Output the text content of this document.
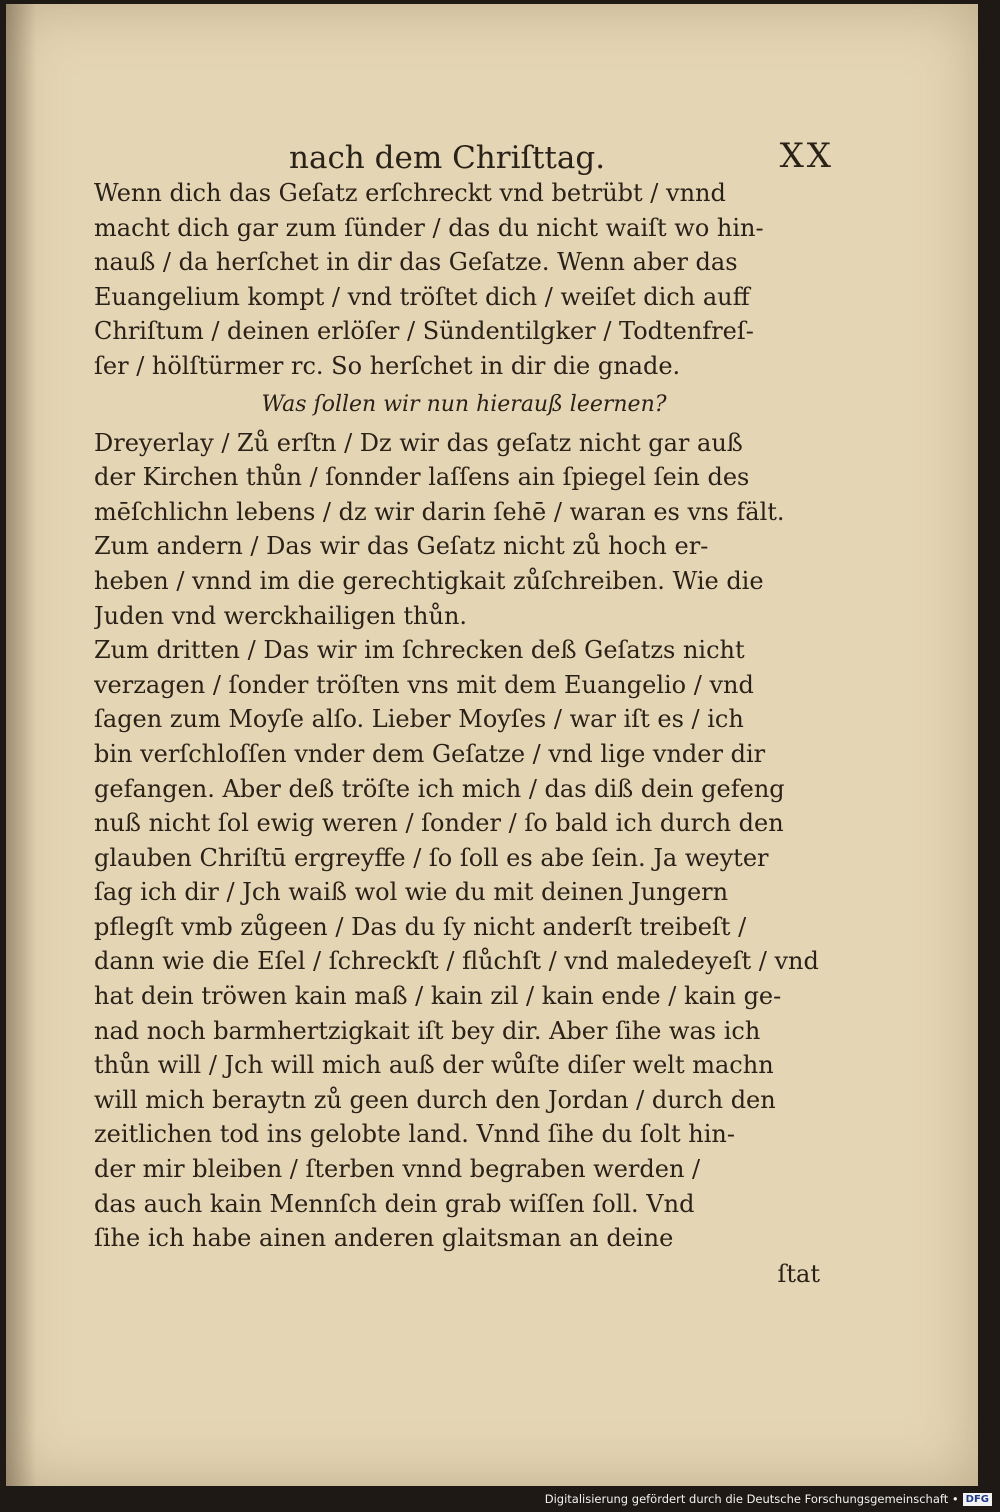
nach dem Chriſttag.	XX
Wenn dich das Geſatz erſchreckt vnd betrübt / vnnd
macht dich gar zum ſünder / das du nicht waiſt wo hin-
nauß / da herſchet in dir das Geſatze. Wenn aber das
Euangelium kompt / vnd tröſtet dich / weiſet dich auff
Chriſtum / deinen erlöſer / Sündentilgker / Todtenfreſ-
ſer / hölſtürmer rc. So herſchet in dir die gnade.
Was ſollen wir nun hierauß leernen?
Dreyerlay / Zů erſtn / Dz wir das geſatz nicht gar auß
der Kirchen thůn / ſonnder laſſens ain ſpiegel ſein des
mēſchlichn lebens / dz wir darin ſehē / waran es vns fält.
Zum andern / Das wir das Geſatz nicht zů hoch er-
heben / vnnd im die gerechtigkait zůſchreiben. Wie die
Juden vnd werckhailigen thůn.
Zum dritten / Das wir im ſchrecken deß Geſatzs nicht
verzagen / ſonder tröſten vns mit dem Euangelio / vnd
ſagen zum Moyſe alſo. Lieber Moyſes / war iſt es / ich
bin verſchloſſen vnder dem Geſatze / vnd lige vnder dir
gefangen. Aber deß tröſte ich mich / das diß dein gefeng
nuß nicht ſol ewig weren / ſonder / ſo bald ich durch den
glauben Chriſtū ergreyffe / ſo ſoll es abe ſein. Ja weyter
ſag ich dir / Jch waiß wol wie du mit deinen Jungern
pflegſt vmb zůgeen / Das du ſy nicht anderſt treibeſt /
dann wie die Eſel / ſchreckſt / flůchſt / vnd maledeyeſt / vnd
hat dein tröwen kain maß / kain zil / kain ende / kain ge-
nad noch barmhertzigkait iſt bey dir. Aber ſihe was ich
thůn will / Jch will mich auß der wůſte diſer welt machn
will mich beraytn zů geen durch den Jordan / durch den
zeitlichen tod ins gelobte land. Vnnd ſihe du ſolt hin-
der mir bleiben / ſterben vnnd begraben werden /
das auch kain Mennſch dein grab wiſſen ſoll. Vnd
ſihe ich habe ainen anderen glaitsman an deine
ſtat
Digitalisierung gefördert durch die Deutsche Forschungsgemeinschaft • DFG
